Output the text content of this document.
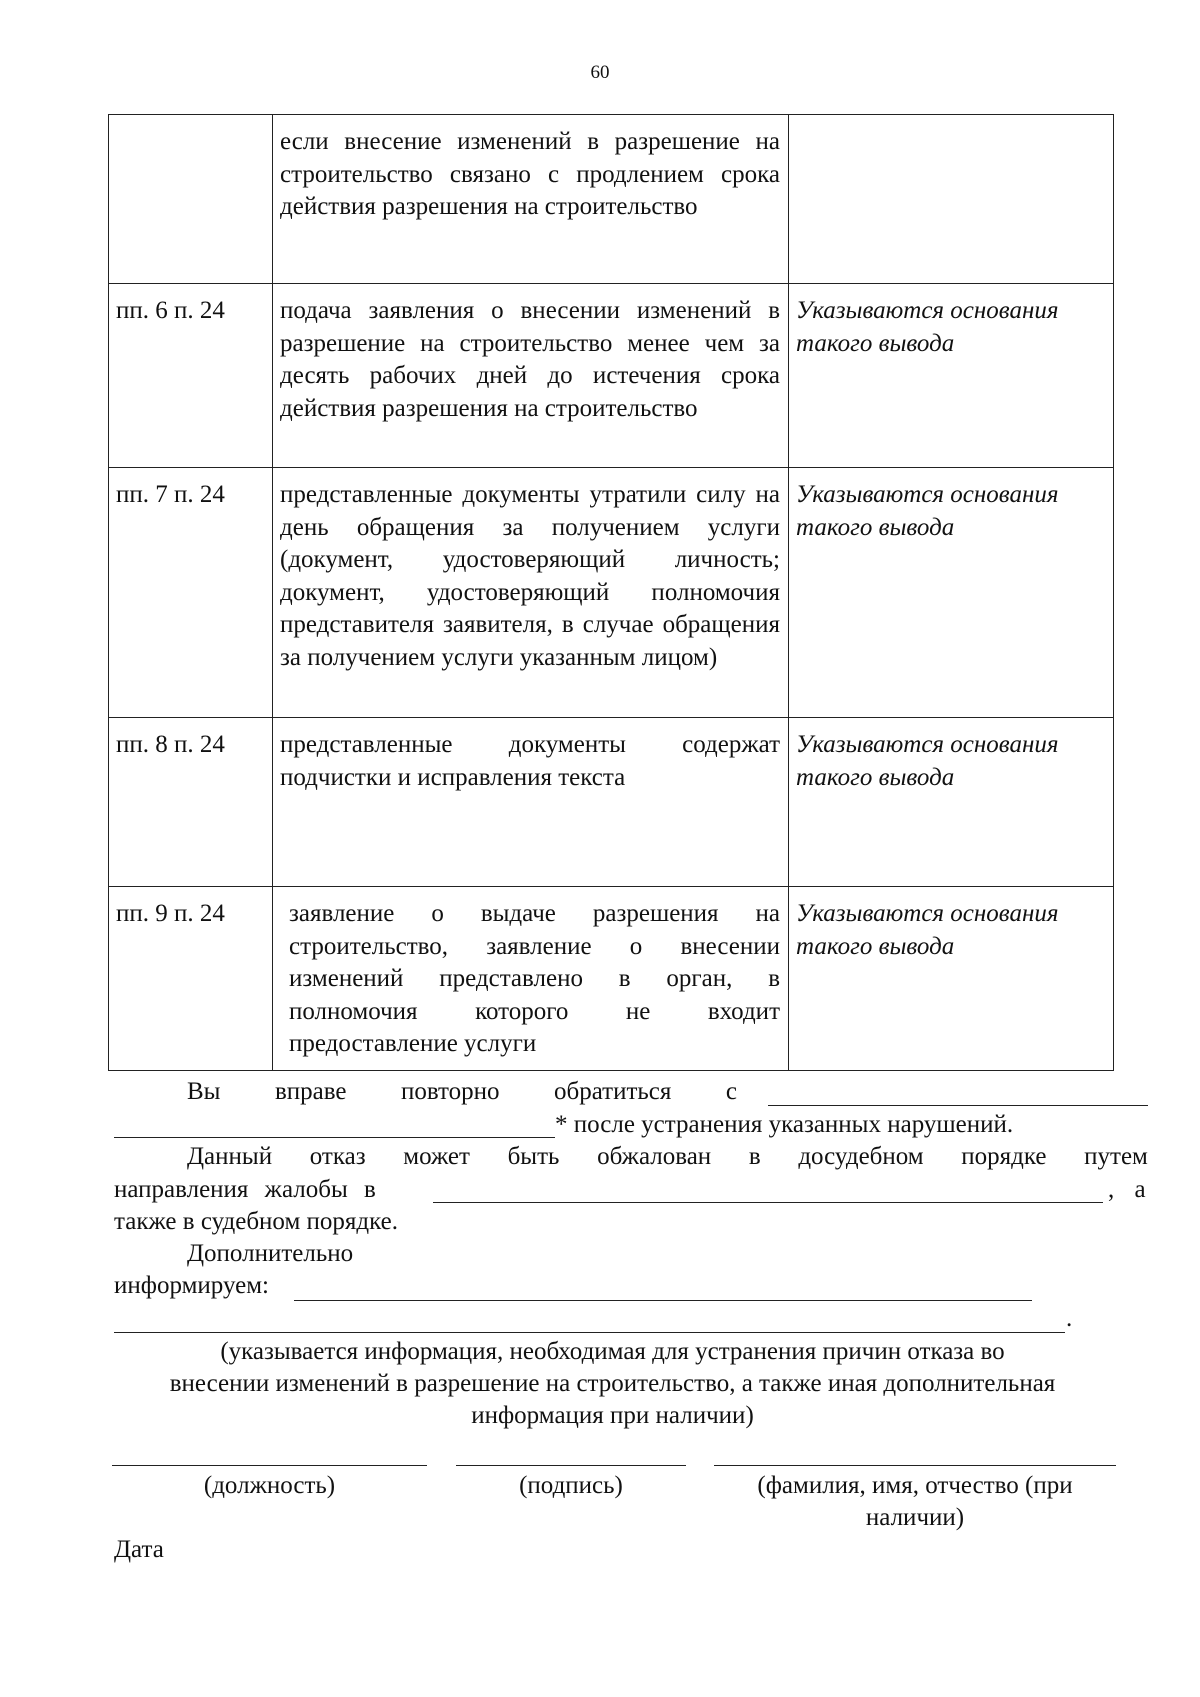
60
	если внесение изменений в разрешение на строительство связано с продлением срока действия разрешения на строительство	
пп. 6 п. 24	подача заявления о внесении изменений в разрешение на строительство менее чем за десять рабочих дней до истечения срока действия разрешения на строительство	Указываются основания такого вывода
пп. 7 п. 24	представленные документы утратили силу на день обращения за получением услуги (документ, удостоверяющий личность; документ, удостоверяющий полномочия представителя заявителя, в случае обращения за получением услуги указанным лицом)	Указываются основания такого вывода
пп. 8 п. 24	представленные документы содержат подчистки и исправления текста	Указываются основания такого вывода
пп. 9 п. 24	заявление о выдаче разрешения на строительство, заявление о внесении изменений представлено в орган, в полномочия которого не входит предоставление услуги	Указываются основания такого вывода
Вы вправе повторно обратиться с
* после устранения указанных нарушений.
Данный отказ может быть обжалован в досудебном порядке путем
направления жалобы в	, а
также в судебном порядке.
Дополнительно
информируем:
.
(указывается информация, необходимая для устранения причин отказа во
внесении изменений в разрешение на строительство, а также иная дополнительная
информация при наличии)
(должность)	(подпись)	(фамилия, имя, отчество (при
наличии)
Дата
